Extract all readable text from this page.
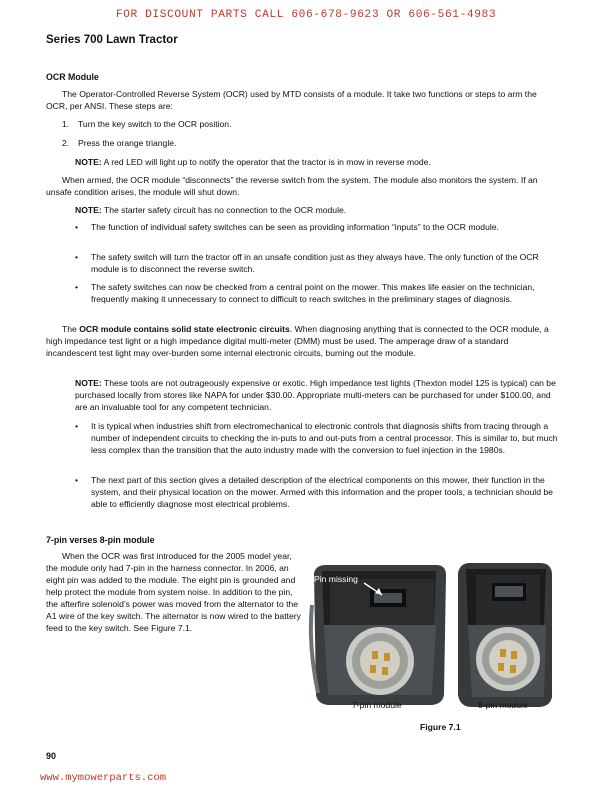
FOR DISCOUNT PARTS CALL 606-678-9623 OR 606-561-4983
Series 700 Lawn Tractor
OCR Module
The Operator-Controlled Reverse System (OCR) used by MTD consists of a module. It take two functions or steps to arm the OCR, per ANSI. These steps are:
1. Turn the key switch to the OCR position.
2. Press the orange triangle.
NOTE: A red LED will light up to notify the operator that the tractor is in mow in reverse mode.
When armed, the OCR module “disconnects” the reverse switch from the system. The module also monitors the system. If an unsafe condition arises, the module will shut down.
NOTE: The starter safety circuit has no connection to the OCR module.
• The function of individual safety switches can be seen as providing information “inputs” to the OCR module.
• The safety switch will turn the tractor off in an unsafe condition just as they always have. The only function of the OCR module is to disconnect the reverse switch.
• The safety switches can now be checked from a central point on the mower. This makes life easier on the technician, frequently making it unnecessary to connect to difficult to reach switches in the preliminary stages of diagnosis.
The OCR module contains solid state electronic circuits. When diagnosing anything that is connected to the OCR module, a high impedance test light or a high impedance digital multi-meter (DMM) must be used. The amperage draw of a standard incandescent test light may over-burden some internal electronic circuits, burning out the module.
NOTE: These tools are not outrageously expensive or exotic. High impedance test lights (Thexton model 125 is typical) can be purchased locally from stores like NAPA for under $30.00. Appropriate multi-meters can be purchased for under $100.00, and are an invaluable tool for any competent technician.
• It is typical when industries shift from electromechanical to electronic controls that diagnosis shifts from tracing through a number of independent circuits to checking the in-puts to and out-puts from a central processor. This is similar to, but much less complex than the transition that the auto industry made with the conversion to fuel injection in the 1980s.
• The next part of this section gives a detailed description of the electrical components on this mower, their function in the system, and their physical location on the mower. Armed with this information and the proper tools, a technician should be able to efficiently diagnose most electrical problems.
7-pin verses 8-pin module
When the OCR was first introduced for the 2005 model year, the module only had 7-pin in the harness connector. In 2006, an eight pin was added to the module. The eight pin is grounded and help protect the module from system noise. In addition to the pin, the afterfire solenoid’s power was moved from the alternator to the A1 wire of the key switch. The alternator is now wired to the battery feed to the key switch. See Figure 7.1.
Pin missing
7-pin module	8-pin module
Figure 7.1
90
www.mymowerparts.com
